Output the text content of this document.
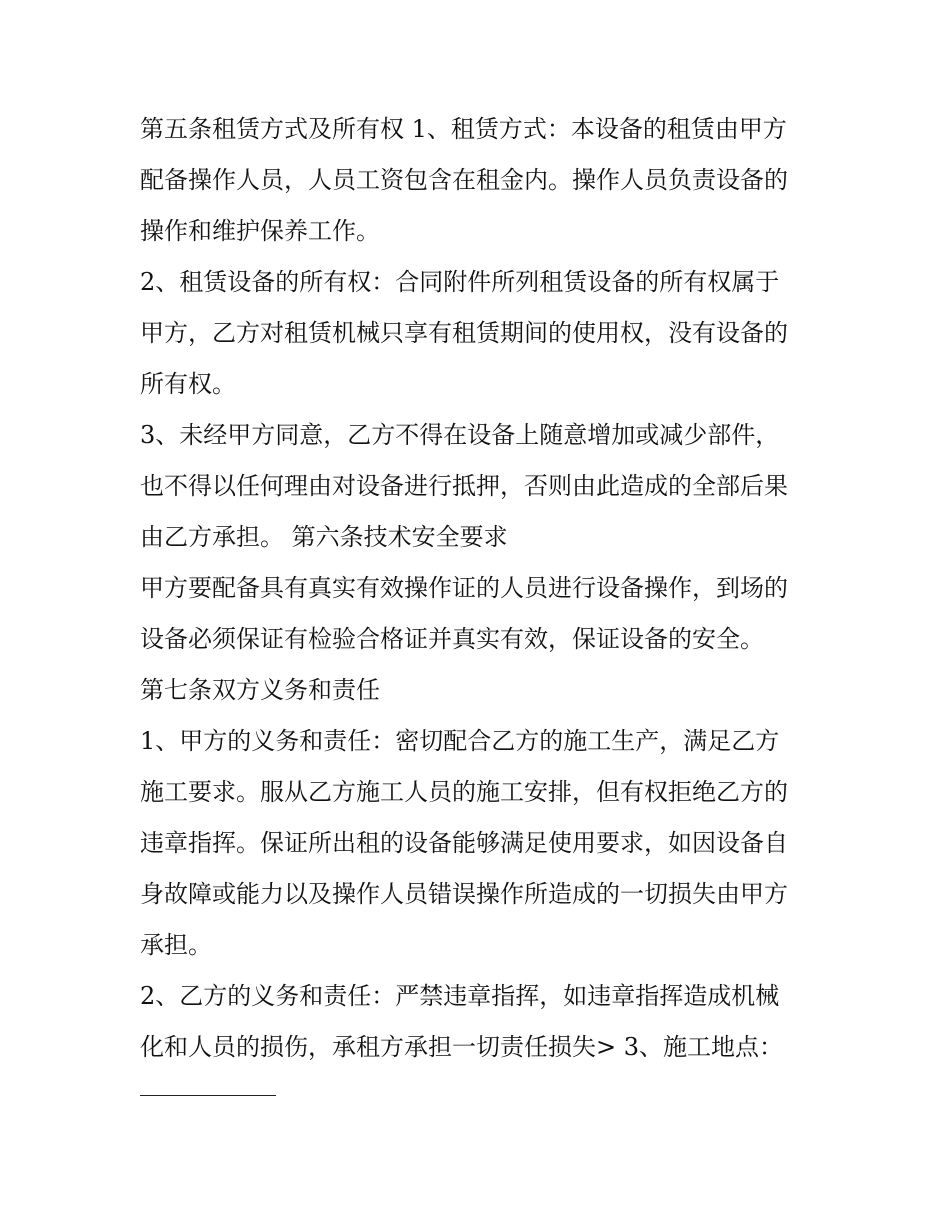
第五条租赁方式及所有权 1、租赁方式：本设备的租赁由甲方
配备操作人员，人员工资包含在租金内。操作人员负责设备的
操作和维护保养工作。
2、租赁设备的所有权：合同附件所列租赁设备的所有权属于
甲方，乙方对租赁机械只享有租赁期间的使用权，没有设备的
所有权。
3、未经甲方同意，乙方不得在设备上随意增加或减少部件，
也不得以任何理由对设备进行抵押，否则由此造成的全部后果
由乙方承担。 第六条技术安全要求
甲方要配备具有真实有效操作证的人员进行设备操作，到场的
设备必须保证有检验合格证并真实有效，保证设备的安全。
第七条双方义务和责任
1、甲方的义务和责任：密切配合乙方的施工生产，满足乙方
施工要求。服从乙方施工人员的施工安排，但有权拒绝乙方的
违章指挥。保证所出租的设备能够满足使用要求，如因设备自
身故障或能力以及操作人员错误操作所造成的一切损失由甲方
承担。
2、乙方的义务和责任：严禁违章指挥，如违章指挥造成机械
化和人员的损伤，承租方承担一切责任损失> 3、施工地点：
